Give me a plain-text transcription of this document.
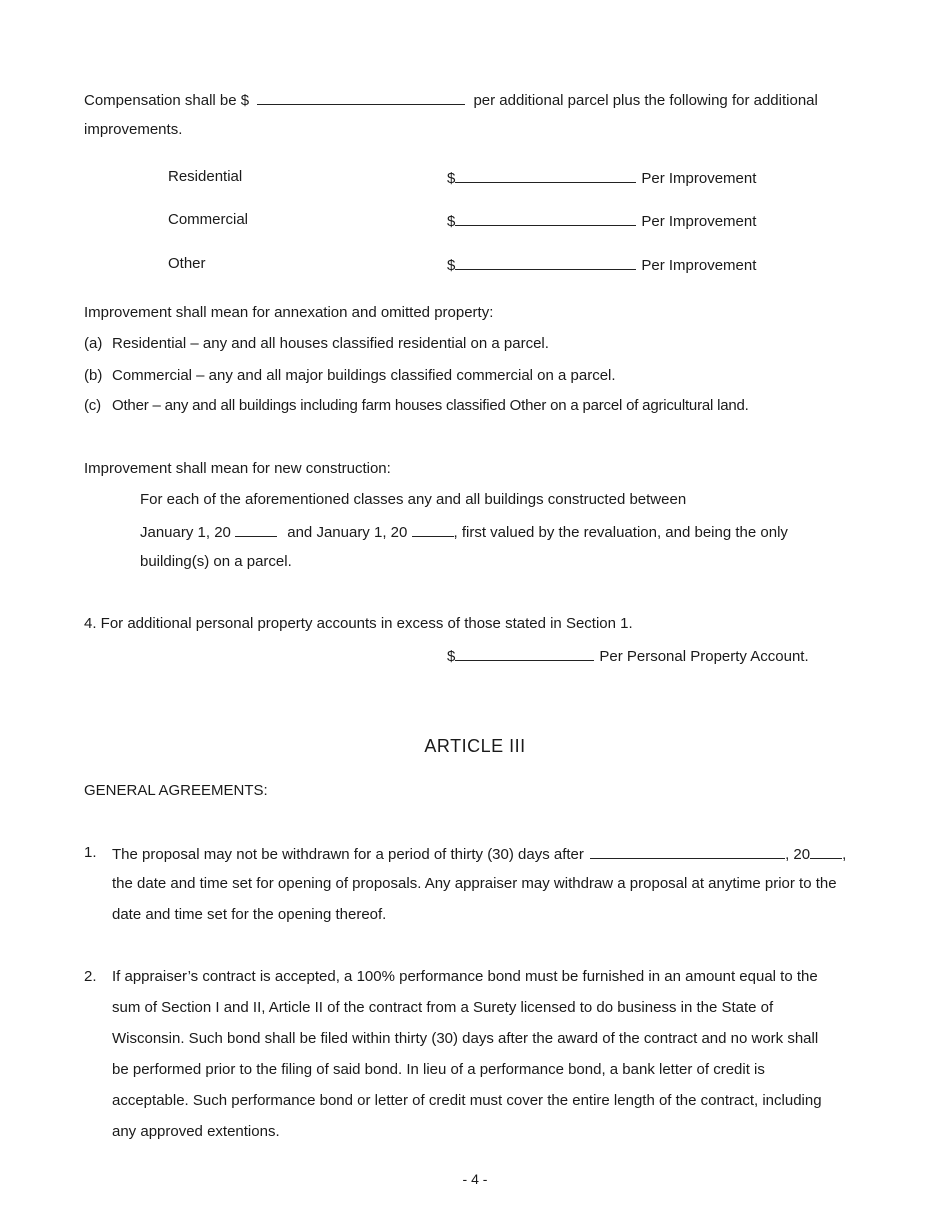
Compensation shall be $	per additional parcel plus the following for additional
improvements.
Residential	$	Per Improvement
Commercial	$	Per Improvement
Other	$	Per Improvement
Improvement shall mean for annexation and omitted property:
(a) Residential – any and all houses classified residential on a parcel.
(b) Commercial – any and all major buildings classified commercial on a parcel.
(c) Other – any and all buildings including farm houses classified Other on a parcel of agricultural land.
Improvement shall mean for new construction:
For each of the aforementioned classes any and all buildings constructed between
January 1, 20	and January 1, 20	, first valued by the revaluation, and being the only
building(s) on a parcel.
4. For additional personal property accounts in excess of those stated in Section 1.
$	Per Personal Property Account.
ARTICLE III
GENERAL AGREEMENTS:
1. The proposal may not be withdrawn for a period of thirty (30) days after	, 20 ,
the date and time set for opening of proposals. Any appraiser may withdraw a proposal at anytime prior to the
date and time set for the opening thereof.
2. If appraiser’s contract is accepted, a 100% performance bond must be furnished in an amount equal to the
sum of Section I and II, Article II of the contract from a Surety licensed to do business in the State of
Wisconsin. Such bond shall be filed within thirty (30) days after the award of the contract and no work shall
be performed prior to the filing of said bond. In lieu of a performance bond, a bank letter of credit is
acceptable. Such performance bond or letter of credit must cover the entire length of the contract, including
any approved extentions.
- 4 -
